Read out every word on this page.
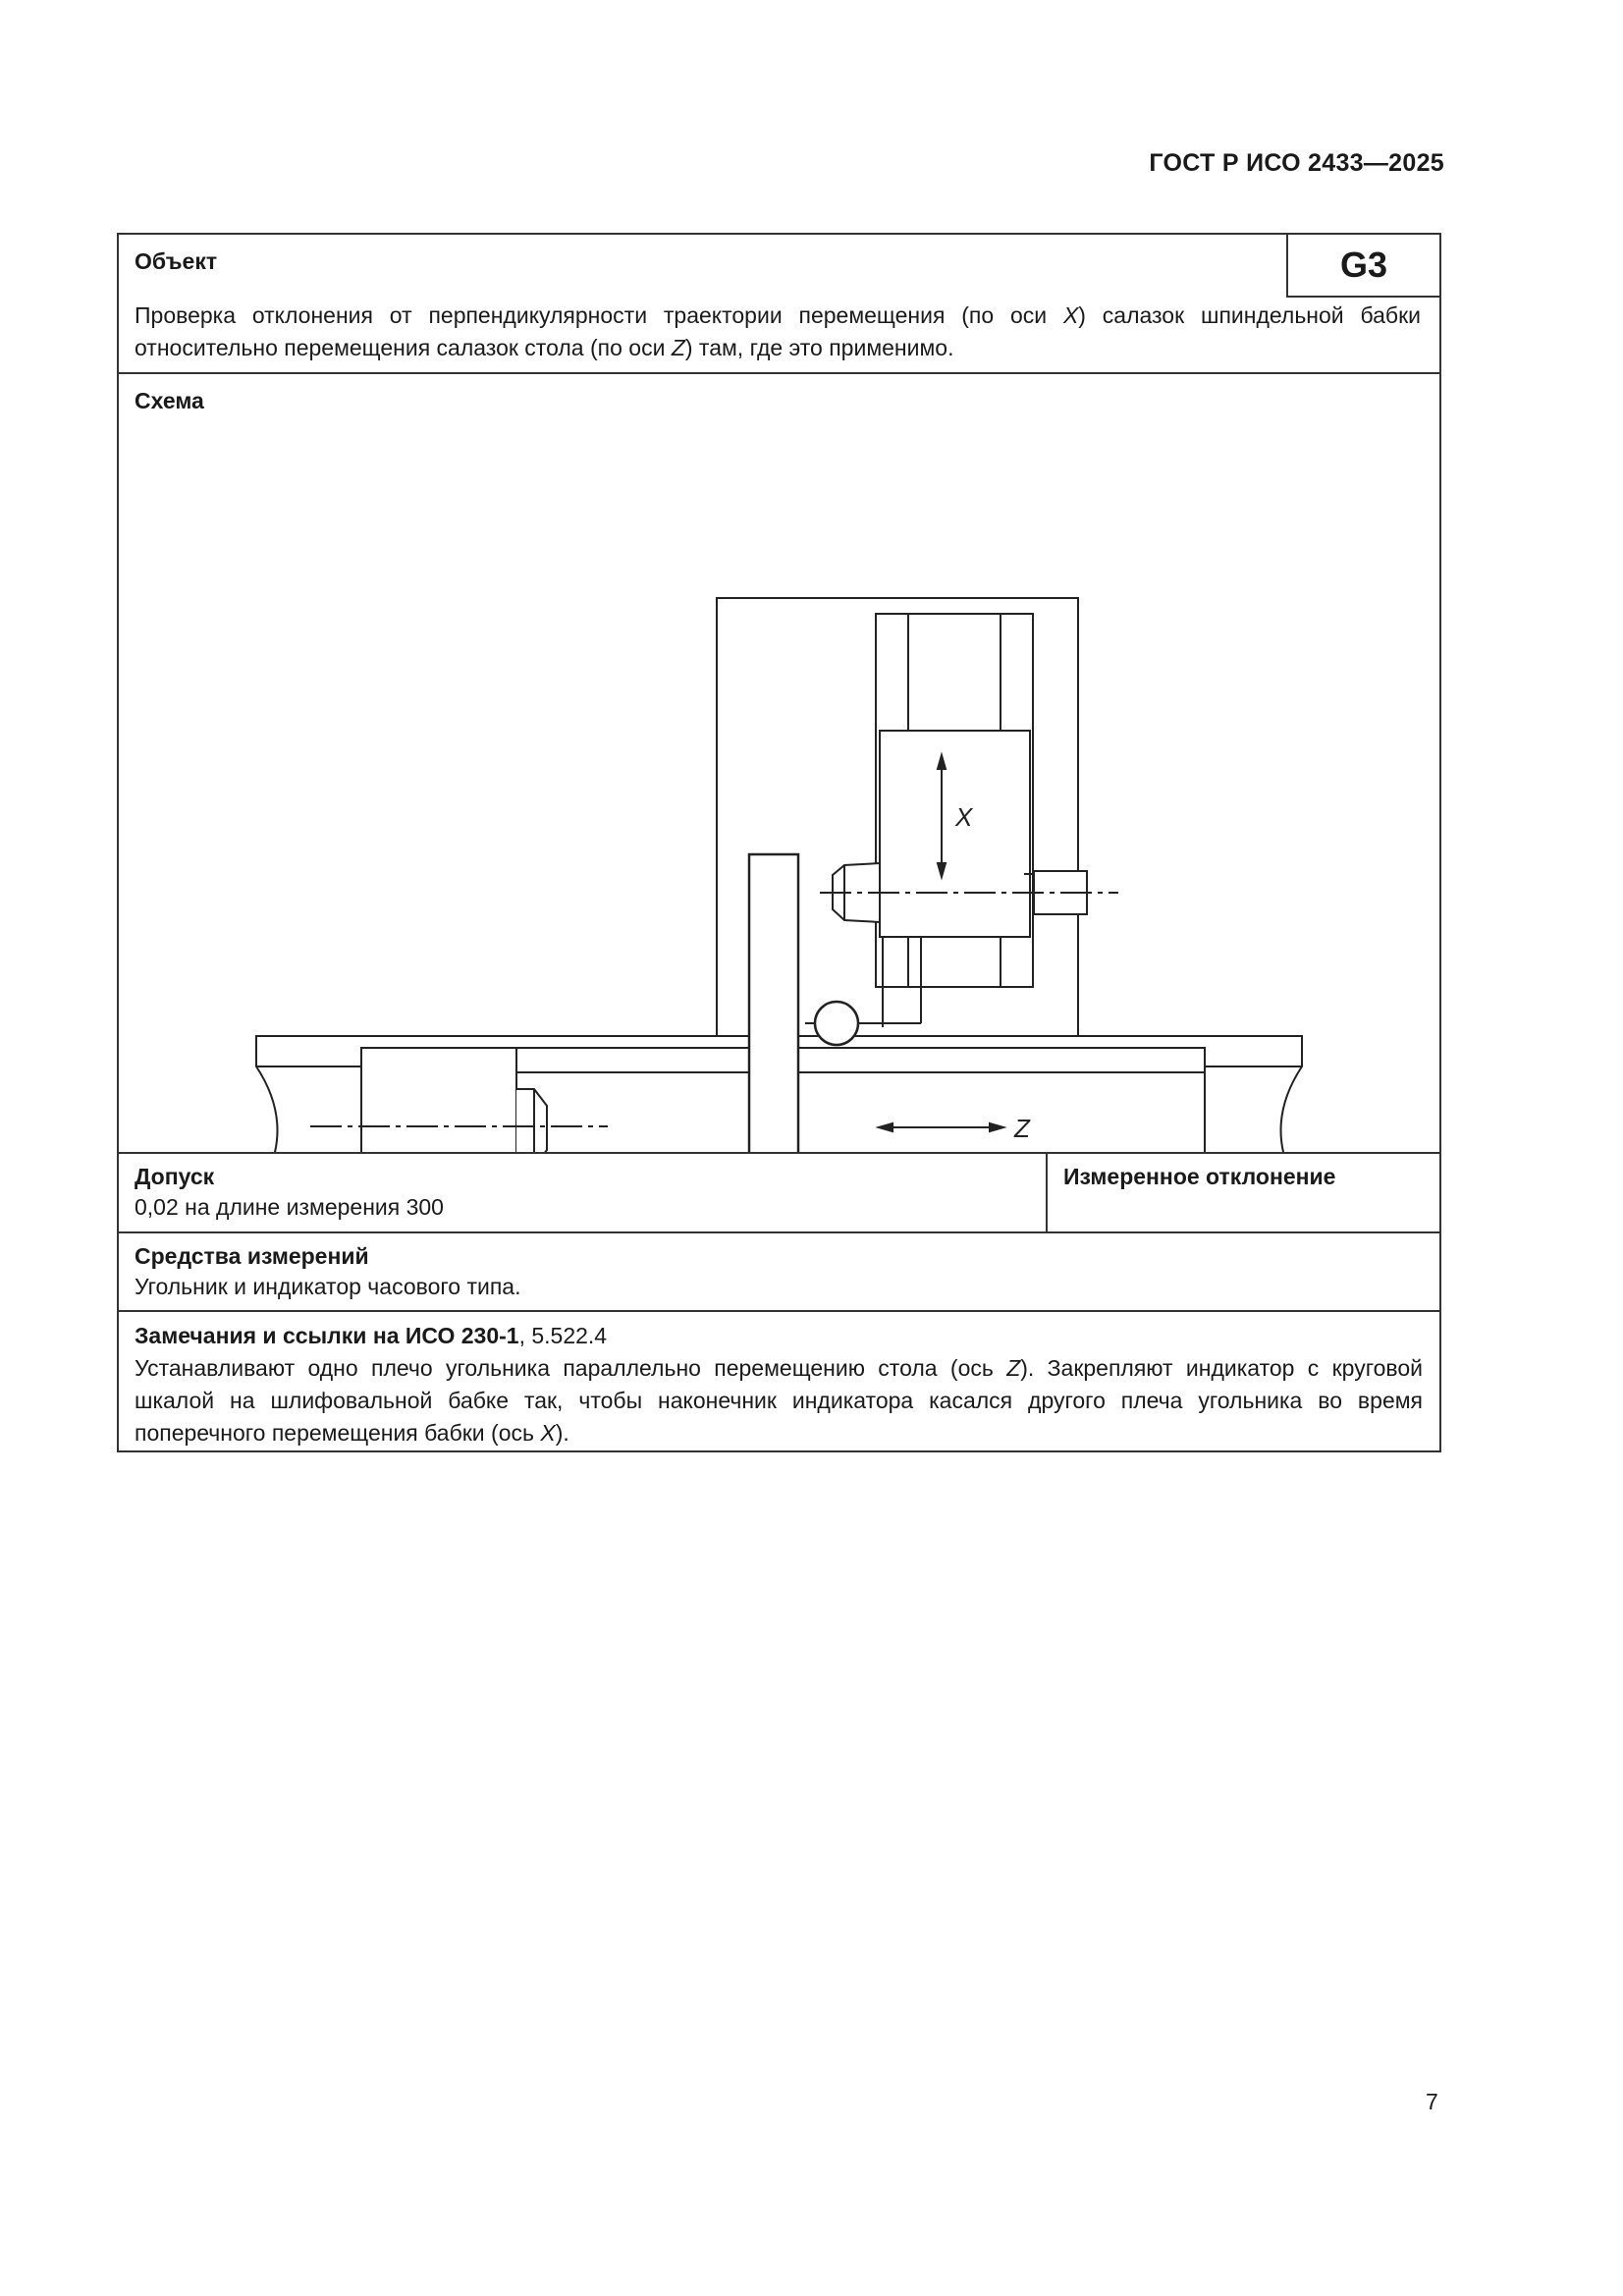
ГОСТ Р ИСО 2433—2025
Объект	G3
Проверка отклонения от перпендикулярности траектории перемещения (по оси X) салазок шпиндельной бабки относительно перемещения салазок стола (по оси Z) там, где это применимо.
Схема
X
Z
Допуск
0,02 на длине измерения 300
Измеренное отклонение
Средства измерений
Угольник и индикатор часового типа.
Замечания и ссылки на ИСО 230-1, 5.522.4
Устанавливают одно плечо угольника параллельно перемещению стола (ось Z). Закрепляют индикатор с круговой шкалой на шлифовальной бабке так, чтобы наконечник индикатора касался другого плеча угольника во время поперечного перемещения бабки (ось X).
7
